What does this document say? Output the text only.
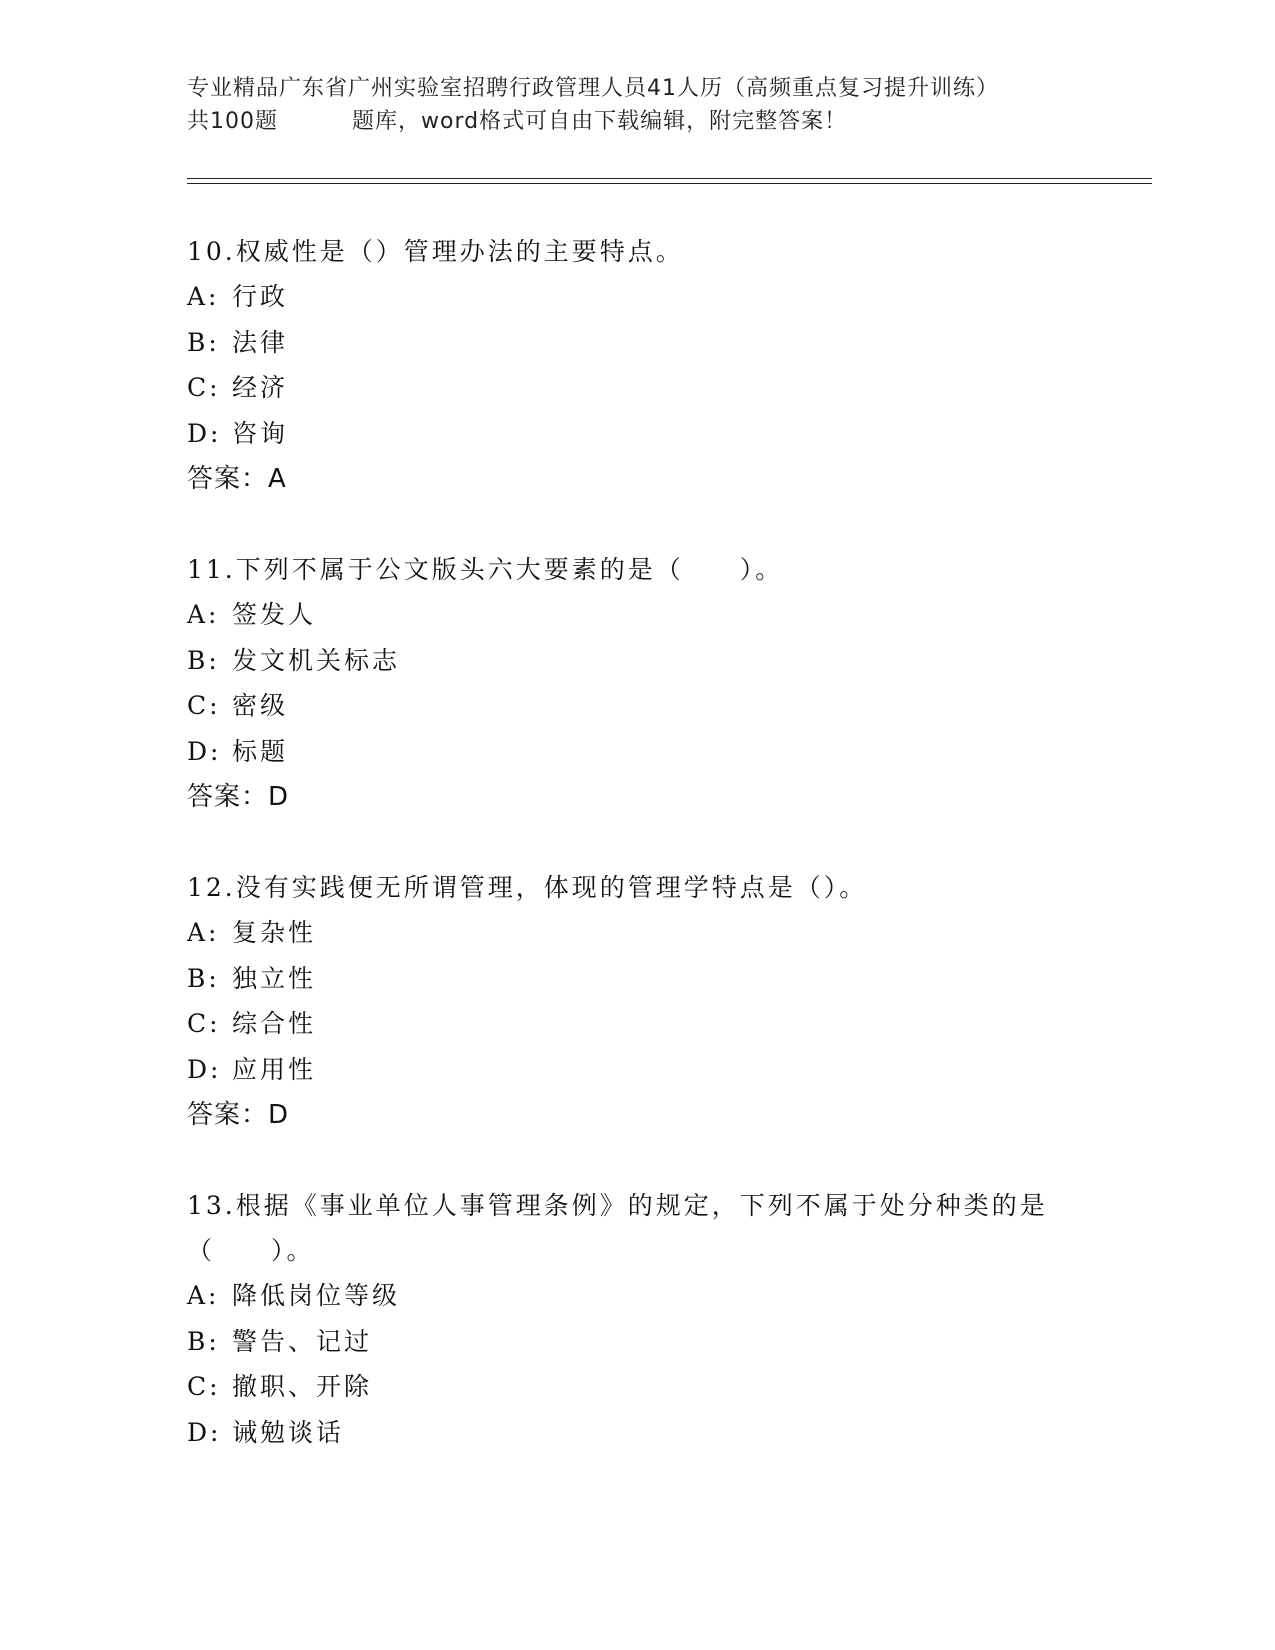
专业精品广东省广州实验室招聘行政管理人员41人历（高频重点复习提升训练）
共100题	题库，word格式可自由下载编辑，附完整答案！
10.权威性是（）管理办法的主要特点。
A: 行政
B: 法律
C: 经济
D: 咨询
答案：A
11.下列不属于公文版头六大要素的是（　　）。
A: 签发人
B: 发文机关标志
C: 密级
D: 标题
答案：D
12.没有实践便无所谓管理，体现的管理学特点是（）。
A: 复杂性
B: 独立性
C: 综合性
D: 应用性
答案：D
13.根据《事业单位人事管理条例》的规定，下列不属于处分种类的是（　　）。
A: 降低岗位等级
B: 警告、记过
C: 撤职、开除
D: 诫勉谈话
